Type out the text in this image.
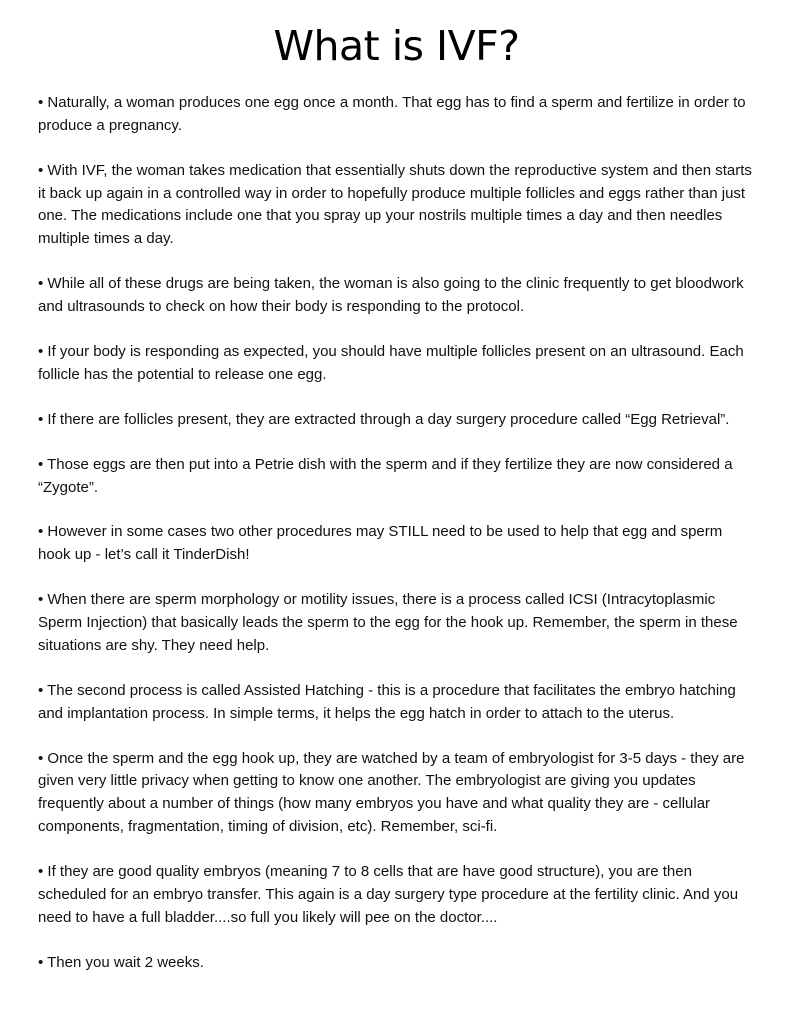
What is IVF?

• Naturally, a woman produces one egg once a month. That egg has to find a sperm and fertilize in order to produce a pregnancy.

• With IVF, the woman takes medication that essentially shuts down the reproductive system and then starts it back up again in a controlled way in order to hopefully produce multiple follicles and eggs rather than just one. The medications include one that you spray up your nostrils multiple times a day and then needles multiple times a day.

• While all of these drugs are being taken, the woman is also going to the clinic frequently to get bloodwork and ultrasounds to check on how their body is responding to the protocol.

• If your body is responding as expected, you should have multiple follicles present on an ultrasound. Each follicle has the potential to release one egg.

• If there are follicles present, they are extracted through a day surgery procedure called “Egg Retrieval”.

• Those eggs are then put into a Petrie dish with the sperm and if they fertilize they are now considered a “Zygote”.

• However in some cases two other procedures may STILL need to be used to help that egg and sperm hook up - let’s call it TinderDish!

• When there are sperm morphology or motility issues, there is a process called ICSI (Intracytoplasmic Sperm Injection) that basically leads the sperm to the egg for the hook up. Remember, the sperm in these situations are shy. They need help.

• The second process is called Assisted Hatching - this is a procedure that facilitates the embryo hatching and implantation process. In simple terms, it helps the egg hatch in order to attach to the uterus.

• Once the sperm and the egg hook up, they are watched by a team of embryologist for 3-5 days - they are given very little privacy when getting to know one another. The embryologist are giving you updates frequently about a number of things (how many embryos you have and what quality they are - cellular components, fragmentation, timing of division, etc). Remember, sci-fi.

• If they are good quality embryos (meaning 7 to 8 cells that are have good structure), you are then scheduled for an embryo transfer. This again is a day surgery type procedure at the fertility clinic. And you need to have a full bladder....so full you likely will pee on the doctor....

• Then you wait 2 weeks.
